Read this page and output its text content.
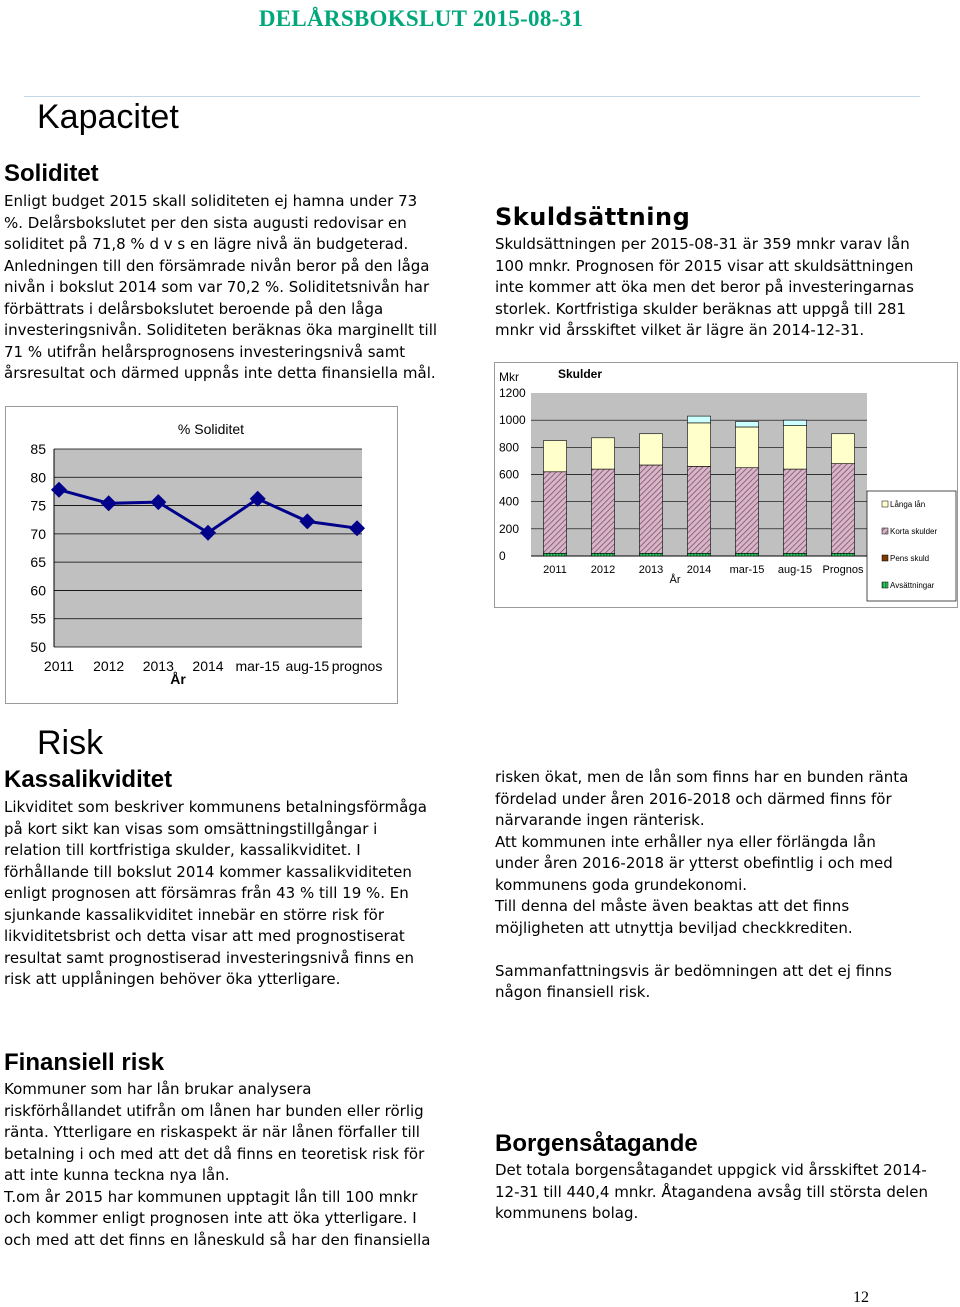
DELÅRSBOKSLUT 2015-08-31
Kapacitet
Soliditet

Enligt budget 2015 skall soliditeten ej hamna under 73

%. Delårsbokslutet per den sista augusti redovisar en

soliditet på 71,8 % d v s en lägre nivå än budgeterad.

Anledningen till den försämrade nivån beror på den låga

nivån i bokslut 2014 som var 70,2 %. Soliditetsnivån har

förbättrats i delårsbokslutet beroende på den låga

investeringsnivån. Soliditeten beräknas öka marginellt till

71 % utifrån helårsprognosens investeringsnivå samt

årsresultat och därmed uppnås inte detta finansiella mål.

Skuldsättning

Skuldsättningen per 2015-08-31 är 359 mnkr varav lån

100 mnkr. Prognosen för 2015 visar att skuldsättningen

inte kommer att öka men det beror på investeringarnas

storlek. Kortfristiga skulder beräknas att uppgå till 281

mnkr vid årsskiftet vilket är lägre än 2014-12-31.

50
55
60
65
70
75
80
85
2011 2012 2013 2014 mar-15 aug-15 prognos
% Soliditet
År
0
200
400
600
800
1000
1200
2011 2012 2013 2014 mar-15 aug-15 Prognos
Mkr	Skulder
År
Långa lån
Korta skulder
Pens skuld
Avsättningar
Risk
Kassalikviditet

Likviditet som beskriver kommunens betalningsförmåga

på kort sikt kan visas som omsättningstillgångar i

relation till kortfristiga skulder, kassalikviditet. I

förhållande till bokslut 2014 kommer kassalikviditeten

enligt prognosen att försämras från 43 % till 19 %. En

sjunkande kassalikviditet innebär en större risk för

likviditetsbrist och detta visar att med prognostiserat

resultat samt prognostiserad investeringsnivå finns en

risk att upplåningen behöver öka ytterligare.

risken ökat, men de lån som finns har en bunden ränta

fördelad under åren 2016-2018 och därmed finns för

närvarande ingen ränterisk.

Att kommunen inte erhåller nya eller förlängda lån

under åren 2016-2018 är ytterst obefintlig i och med

kommunens goda grundekonomi.

Till denna del måste även beaktas att det finns

möjligheten att utnyttja beviljad checkkrediten.

Sammanfattningsvis är bedömningen att det ej finns

någon finansiell risk.

Finansiell risk

Kommuner som har lån brukar analysera

riskförhållandet utifrån om lånen har bunden eller rörlig

ränta. Ytterligare en riskaspekt är när lånen förfaller till

betalning i och med att det då finns en teoretisk risk för

att inte kunna teckna nya lån.

T.om år 2015 har kommunen upptagit lån till 100 mnkr

och kommer enligt prognosen inte att öka ytterligare. I

och med att det finns en låneskuld så har den finansiella

Borgensåtagande

Det totala borgensåtagandet uppgick vid årsskiftet 2014-

12-31 till 440,4 mnkr. Åtagandena avsåg till största delen

kommunens bolag.

12
